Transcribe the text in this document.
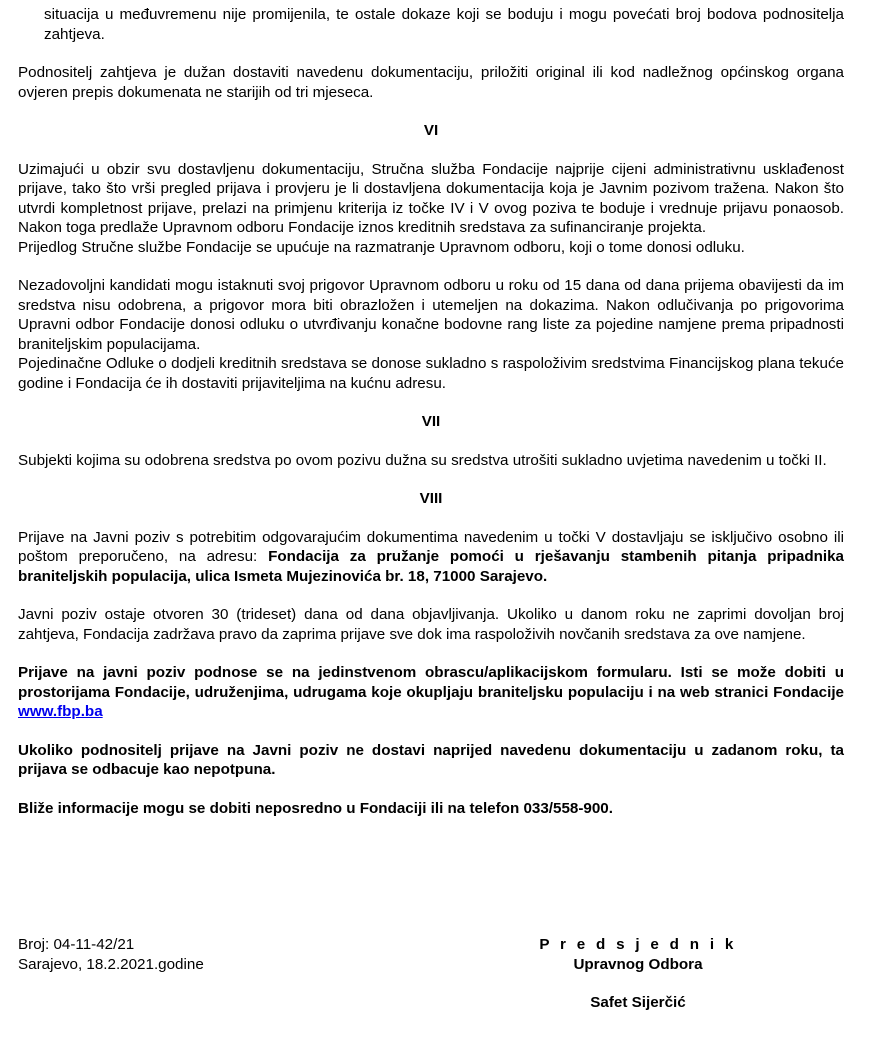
situacija u međuvremenu nije promijenila, te ostale dokaze koji se boduju i mogu povećati broj bodova podnositelja zahtjeva.

Podnositelj zahtjeva je dužan dostaviti navedenu dokumentaciju, priložiti original ili kod nadležnog općinskog organa ovjeren prepis dokumenata ne starijih od tri mjeseca.

VI

Uzimajući u obzir svu dostavljenu dokumentaciju, Stručna služba Fondacije najprije cijeni administrativnu usklađenost prijave, tako što vrši pregled prijava i provjeru je li dostavljena dokumentacija koja je Javnim pozivom tražena. Nakon što utvrdi kompletnost prijave, prelazi na primjenu kriterija iz točke IV i V ovog poziva te boduje i vrednuje prijavu ponaosob. Nakon toga predlaže Upravnom odboru Fondacije iznos kreditnih sredstava za sufinanciranje projekta.

Prijedlog Stručne službe Fondacije se upućuje na razmatranje Upravnom odboru, koji o tome donosi odluku.

Nezadovoljni kandidati mogu istaknuti svoj prigovor Upravnom odboru u roku od 15 dana od dana prijema obavijesti da im sredstva nisu odobrena, a prigovor mora biti obrazložen i utemeljen na dokazima. Nakon odlučivanja po prigovorima Upravni odbor Fondacije donosi odluku o utvrđivanju konačne bodovne rang liste za pojedine namjene prema pripadnosti braniteljskim populacijama.

Pojedinačne Odluke o dodjeli kreditnih sredstava se donose sukladno s raspoloživim sredstvima Financijskog plana tekuće godine i Fondacija će ih dostaviti prijaviteljima na kućnu adresu.

VII

Subjekti kojima su odobrena sredstva po ovom pozivu dužna su sredstva utrošiti sukladno uvjetima navedenim u točki II.

VIII

Prijave na Javni poziv s potrebitim odgovarajućim dokumentima navedenim u točki V dostavljaju se isključivo osobno ili poštom preporučeno, na adresu: Fondacija za pružanje pomoći u rješavanju stambenih pitanja pripadnika braniteljskih populacija, ulica Ismeta Mujezinovića br. 18, 71000 Sarajevo.

Javni poziv ostaje otvoren 30 (trideset) dana od dana objavljivanja. Ukoliko u danom roku ne zaprimi dovoljan broj zahtjeva, Fondacija zadržava pravo da zaprima prijave sve dok ima raspoloživih novčanih sredstava za ove namjene.

Prijave na javni poziv podnose se na jedinstvenom obrascu/aplikacijskom formularu. Isti se može dobiti u prostorijama Fondacije, udruženjima, udrugama koje okupljaju braniteljsku populaciju i na web stranici Fondacije www.fbp.ba

Ukoliko podnositelj prijave na Javni poziv ne dostavi naprijed navedenu dokumentaciju u zadanom roku, ta prijava se odbacuje kao nepotpuna.

Bliže informacije mogu se dobiti neposredno u Fondaciji ili na telefon 033/558-900.

Broj: 04-11-42/21
Sarajevo, 18.2.2021.godine
P r e d s j e d n i k
Upravnog Odbora
Safet Sijerčić
